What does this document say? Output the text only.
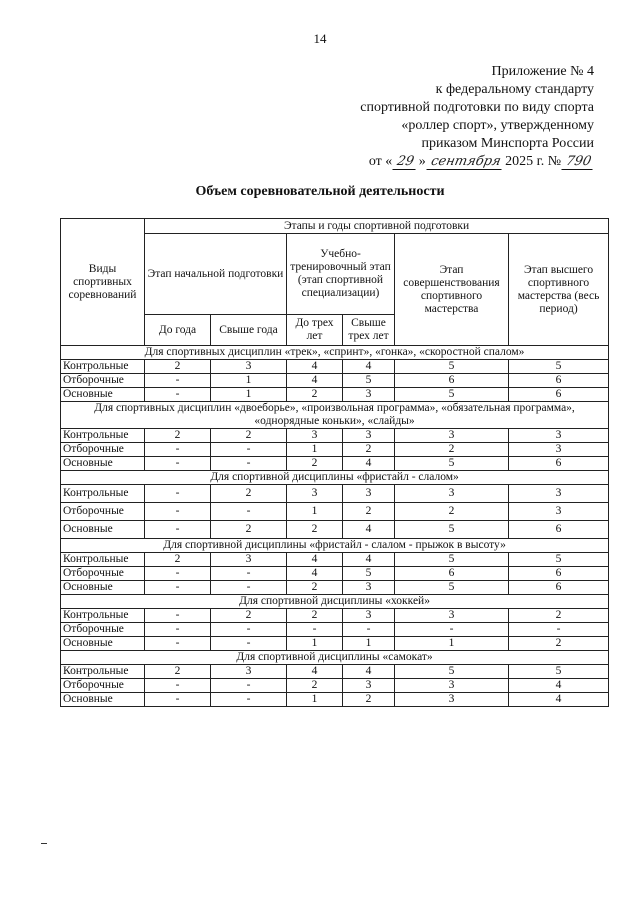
14
Приложение № 4
к федеральному стандарту
спортивной подготовки по виду спорта
«роллер спорт», утвержденному
приказом Минспорта России
от « 29 » сентября 2025 г. № 790
Объем соревновательной деятельности
Виды спортивных соревнований	Этапы и годы спортивной подготовки					
	Этап начальной подготовки		Учебно-тренировочный этап (этап спортивной специализации)		Этап совершенствования спортивного мастерства	Этап высшего спортивного мастерства (весь период)
	До года	Свыше года	До трех лет	Свыше трех лет		
Для спортивных дисциплин «трек», «спринт», «гонка», «скоростной спалом»						
Контрольные	2	3	4	4	5	5
Отборочные	-	1	4	5	6	6
Основные	-	1	2	3	5	6
Для спортивных дисциплин «двоеборье», «произвольная программа», «обязательная программа», «однорядные коньки», «слайды»						
Контрольные	2	2	3	3	3	3
Отборочные	-	-	1	2	2	3
Основные	-	-	2	4	5	6
Для спортивной дисциплины «фристайл - слалом»						
Контрольные	-	2	3	3	3	3
Отборочные	-	-	1	2	2	3
Основные	-	2	2	4	5	6
Для спортивной дисциплины «фристайл - слалом - прыжок в высоту»						
Контрольные	2	3	4	4	5	5
Отборочные	-	-	4	5	6	6
Основные	-	-	2	3	5	6
Для спортивной дисциплины «хоккей»						
Контрольные	-	2	2	3	3	2
Отборочные	-	-	-	-	-	-
Основные	-	-	1	1	1	2
Для спортивной дисциплины «самокат»						
Контрольные	2	3	4	4	5	5
Отборочные	-	-	2	3	3	4
Основные	-	-	1	2	3	4
